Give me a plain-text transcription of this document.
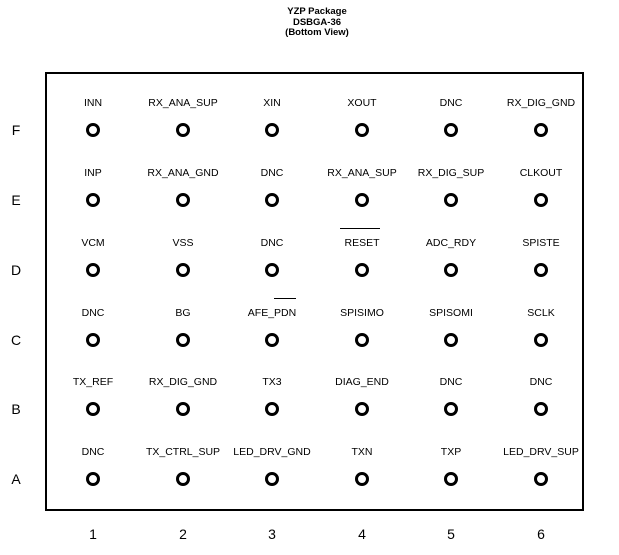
YZP Package
DSBGA-36
(Bottom View)
F
INN	RX_ANA_SUP	XIN	XOUT	DNC	RX_DIG_GND
E
INP	RX_ANA_GND	DNC	RX_ANA_SUP	RX_DIG_SUP	CLKOUT
D
VCM	VSS	DNC	RESET	ADC_RDY	SPISTE
C
DNC	BG	AFE_PDN	SPISIMO	SPISOMI	SCLK
B
TX_REF	RX_DIG_GND	TX3	DIAG_END	DNC	DNC
A
DNC	TX_CTRL_SUP	LED_DRV_GND	TXN	TXP	LED_DRV_SUP
1	2	3	4	5	6
